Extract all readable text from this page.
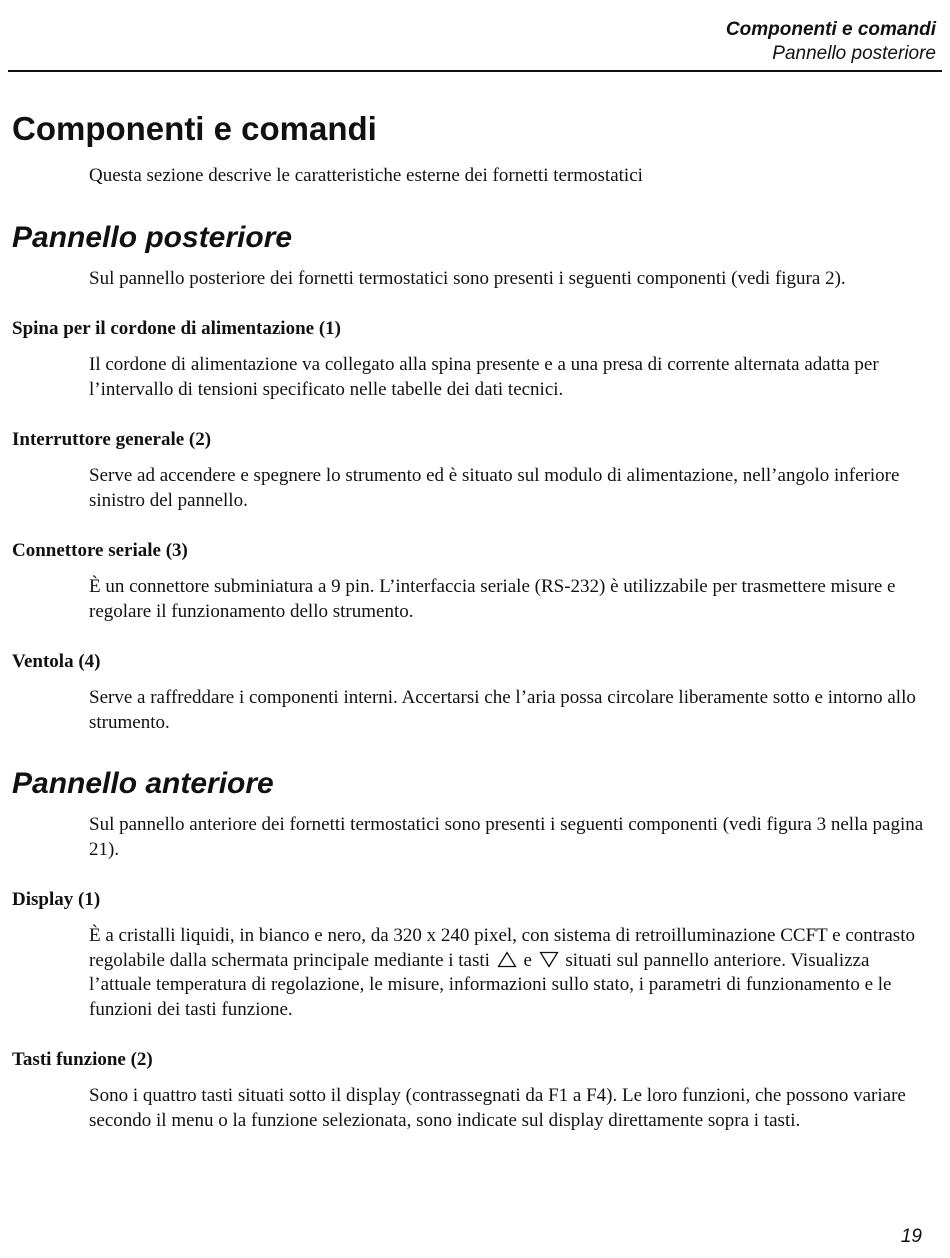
Componenti e comandi
Pannello posteriore
Componenti e comandi

Questa sezione descrive le caratteristiche esterne dei fornetti termostatici

Pannello posteriore

Sul pannello posteriore dei fornetti termostatici sono presenti i seguenti componenti (vedi figura 2).

Spina per il cordone di alimentazione (1)

Il cordone di alimentazione va collegato alla spina presente e a una presa di corrente alternata adatta per l’intervallo di tensioni specificato nelle tabelle dei dati tecnici.

Interruttore generale (2)

Serve ad accendere e spegnere lo strumento ed è situato sul modulo di alimentazione, nell’angolo inferiore sinistro del pannello.

Connettore seriale (3)

È un connettore subminiatura a 9 pin. L’interfaccia seriale (RS-232) è utilizzabile per trasmettere misure e regolare il funzionamento dello strumento.

Ventola (4)

Serve a raffreddare i componenti interni. Accertarsi che l’aria possa circolare liberamente sotto e intorno allo strumento.

Pannello anteriore

Sul pannello anteriore dei fornetti termostatici sono presenti i seguenti componenti (vedi figura 3 nella pagina 21).

Display (1)

È a cristalli liquidi, in bianco e nero, da 320 x 240 pixel, con sistema di retroilluminazione CCFT e contrasto regolabile dalla schermata principale mediante i tasti e situati sul pannello anteriore. Visualizza l’attuale temperatura di regolazione, le misure, informazioni sullo stato, i parametri di funzionamento e le funzioni dei tasti funzione.

Tasti funzione (2)

Sono i quattro tasti situati sotto il display (contrassegnati da F1 a F4). Le loro funzioni, che possono variare secondo il menu o la funzione selezionata, sono indicate sul display direttamente sopra i tasti.

19
